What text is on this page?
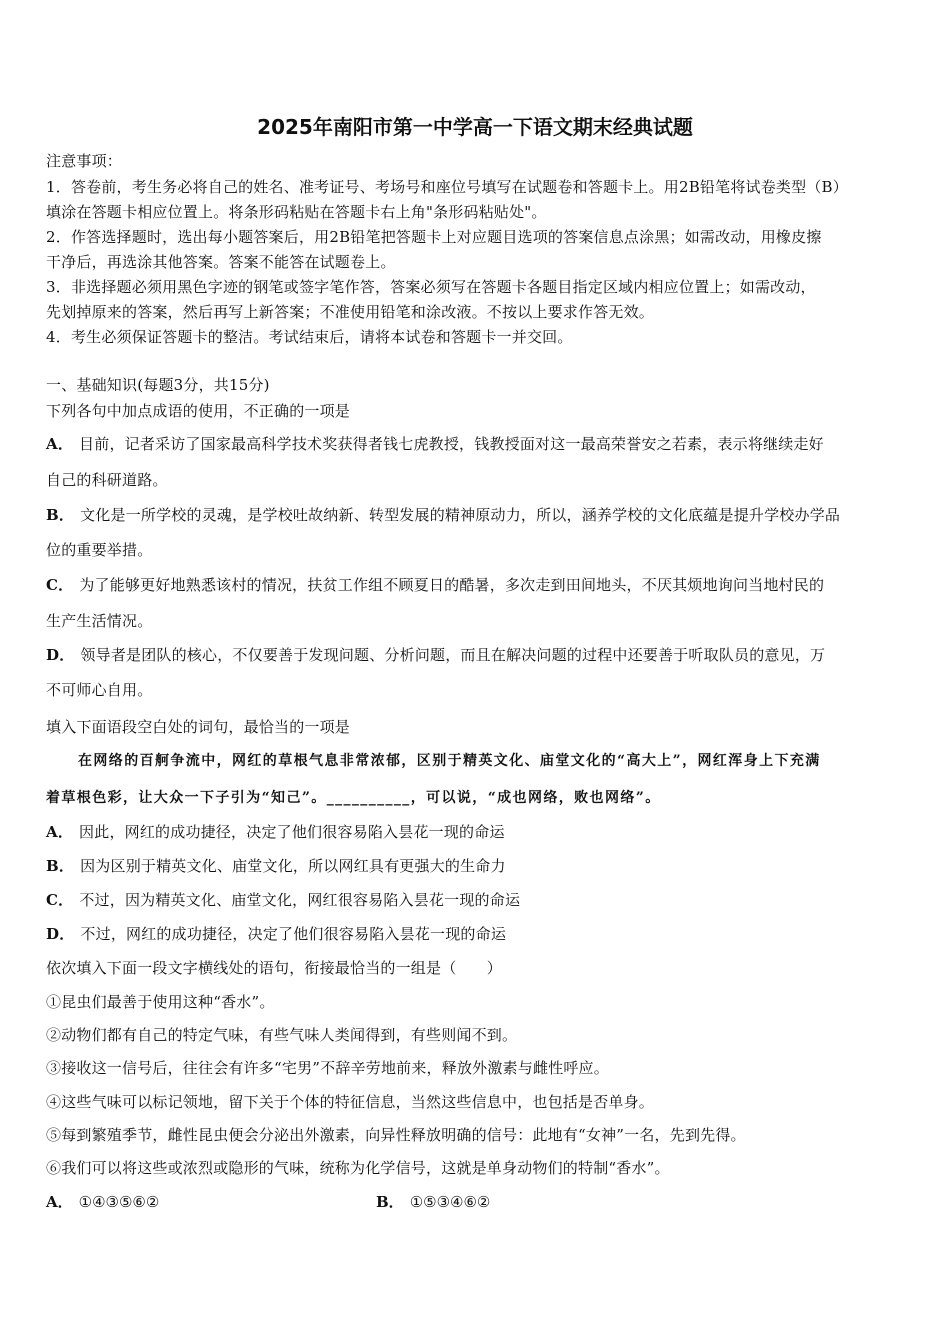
2025年南阳市第一中学高一下语文期末经典试题
注意事项：
1．答卷前，考生务必将自己的姓名、准考证号、考场号和座位号填写在试题卷和答题卡上。用2B铅笔将试卷类型（B）
填涂在答题卡相应位置上。将条形码粘贴在答题卡右上角"条形码粘贴处"。
2．作答选择题时，选出每小题答案后，用2B铅笔把答题卡上对应题目选项的答案信息点涂黑；如需改动，用橡皮擦
干净后，再选涂其他答案。答案不能答在试题卷上。
3．非选择题必须用黑色字迹的钢笔或签字笔作答，答案必须写在答题卡各题目指定区域内相应位置上；如需改动，
先划掉原来的答案，然后再写上新答案；不准使用铅笔和涂改液。不按以上要求作答无效。
4．考生必须保证答题卡的整洁。考试结束后，请将本试卷和答题卡一并交回。
一、基础知识(每题3分，共15分)
下列各句中加点成语的使用，不正确的一项是
A． 目前，记者采访了国家最高科学技术奖获得者钱七虎教授，钱教授面对这一最高荣誉安之若素，表示将继续走好
自己的科研道路。
B． 文化是一所学校的灵魂，是学校吐故纳新、转型发展的精神原动力，所以，涵养学校的文化底蕴是提升学校办学品
位的重要举措。
C． 为了能够更好地熟悉该村的情况，扶贫工作组不顾夏日的酷暑，多次走到田间地头，不厌其烦地询问当地村民的
生产生活情况。
D． 领导者是团队的核心，不仅要善于发现问题、分析问题，而且在解决问题的过程中还要善于听取队员的意见，万
不可师心自用。
填入下面语段空白处的词句，最恰当的一项是
在网络的百舸争流中，网红的草根气息非常浓郁，区别于精英文化、庙堂文化的“高大上”，网红浑身上下充满
着草根色彩，让大众一下子引为“知己”。__________，可以说，“成也网络，败也网络”。
A． 因此，网红的成功捷径，决定了他们很容易陷入昙花一现的命运
B． 因为区别于精英文化、庙堂文化，所以网红具有更强大的生命力
C． 不过，因为精英文化、庙堂文化，网红很容易陷入昙花一现的命运
D． 不过，网红的成功捷径，决定了他们很容易陷入昙花一现的命运
依次填入下面一段文字横线处的语句，衔接最恰当的一组是（　　）
①昆虫们最善于使用这种“香水”。
②动物们都有自己的特定气味，有些气味人类闻得到，有些则闻不到。
③接收这一信号后，往往会有许多“宅男”不辞辛劳地前来，释放外激素与雌性呼应。
④这些气味可以标记领地，留下关于个体的特征信息，当然这些信息中，也包括是否单身。
⑤每到繁殖季节，雌性昆虫便会分泌出外激素，向异性释放明确的信号：此地有“女神”一名，先到先得。
⑥我们可以将这些或浓烈或隐形的气味，统称为化学信号，这就是单身动物们的特制“香水”。
A． ①④③⑤⑥②	B． ①⑤③④⑥②
